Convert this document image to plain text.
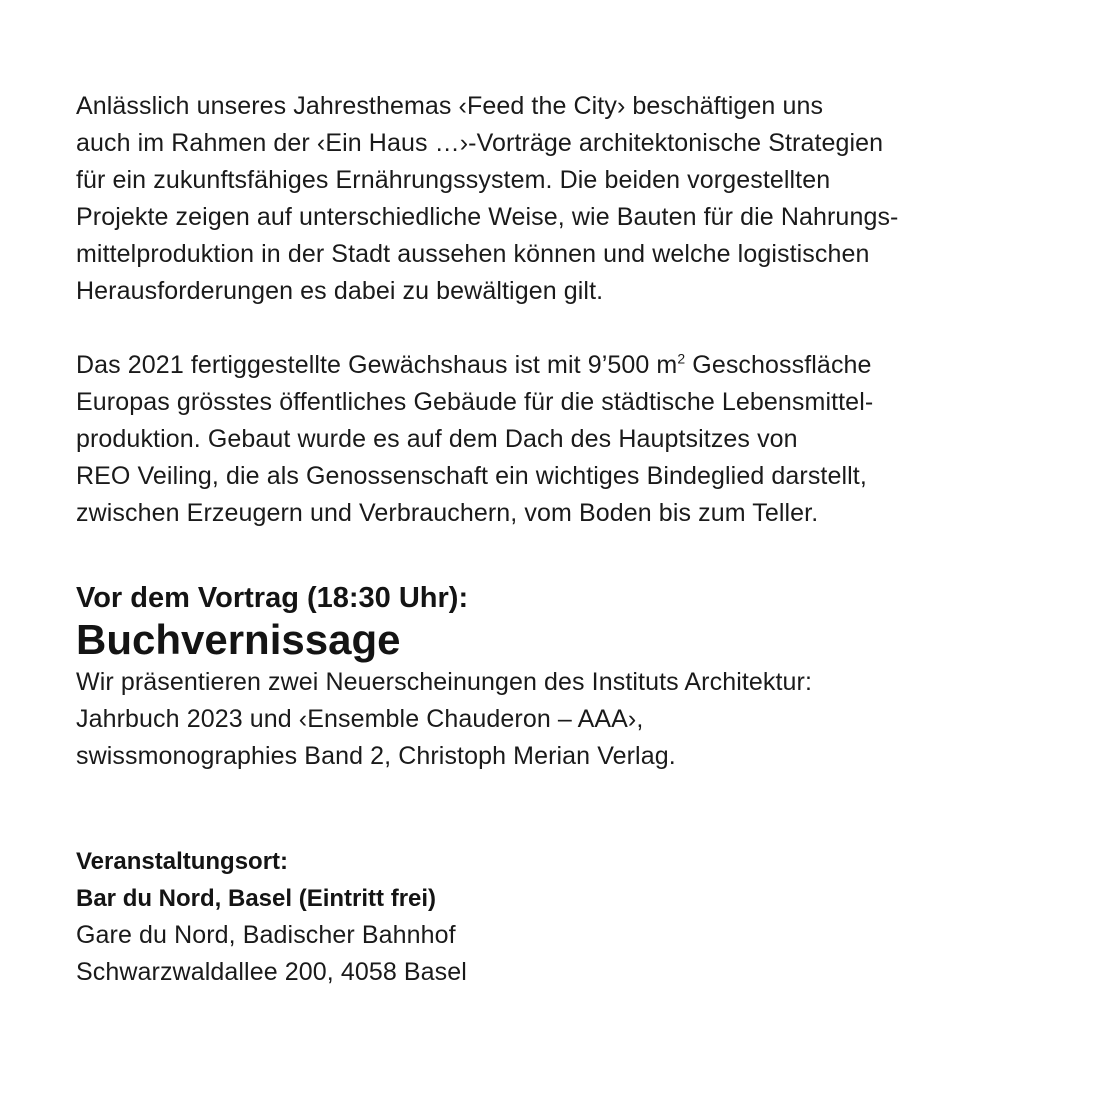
Anlässlich unseres Jahresthemas ‹Feed the City› beschäftigen uns
auch im Rahmen der ‹Ein Haus …›-Vorträge architektonische Strategien
für ein zukunftsfähiges Ernährungssystem. Die beiden vorgestellten
Projekte zeigen auf unterschiedliche Weise, wie Bauten für die Nahrungs-
mittelproduktion in der Stadt aussehen können und welche logistischen
Herausforderungen es dabei zu bewältigen gilt.
Das 2021 fertiggestellte Gewächshaus ist mit 9’500 $m^2$ Geschossfläche
Europas grösstes öffentliches Gebäude für die städtische Lebensmittel-
produktion. Gebaut wurde es auf dem Dach des Hauptsitzes von
REO Veiling, die als Genossenschaft ein wichtiges Bindeglied darstellt,
zwischen Erzeugern und Verbrauchern, vom Boden bis zum Teller.
Vor dem Vortrag (18:30 Uhr):
Buchvernissage
Wir präsentieren zwei Neuerscheinungen des Instituts Architektur:
Jahrbuch 2023 und ‹Ensemble Chauderon – AAA›,
swissmonographies Band 2, Christoph Merian Verlag.
Veranstaltungsort:
Bar du Nord, Basel (Eintritt frei)
Gare du Nord, Badischer Bahnhof
Schwarzwaldallee 200, 4058 Basel
